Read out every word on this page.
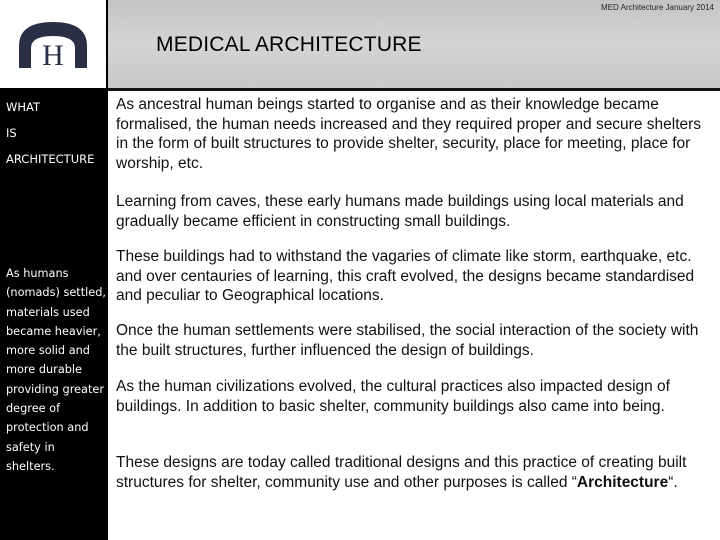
H
MED Architecture January 2014
MEDICAL ARCHITECTURE
WHAT
IS
ARCHITECTURE
As humans (nomads) settled, materials used became heavier, more solid and more durable providing greater degree of protection and safety in shelters.

As ancestral human beings started to organise and as their knowledge became formalised, the human needs increased and they required proper and secure shelters in the form of built structures to provide shelter, security, place for meeting, place for worship, etc.

Learning from caves, these early humans made buildings using local materials and gradually became efficient in constructing small buildings.

These buildings had to withstand the vagaries of climate like storm, earthquake, etc. and over centauries of learning, this craft evolved, the designs became standardised and peculiar to Geographical locations.

Once the human settlements were stabilised, the social interaction of the society with the built structures, further influenced the design of buildings.

As the human civilizations evolved, the cultural practices also impacted design of buildings. In addition to basic shelter, community buildings also came into being.

These designs are today called traditional designs and this practice of creating built structures for shelter, community use and other purposes is called “Architecture“.
